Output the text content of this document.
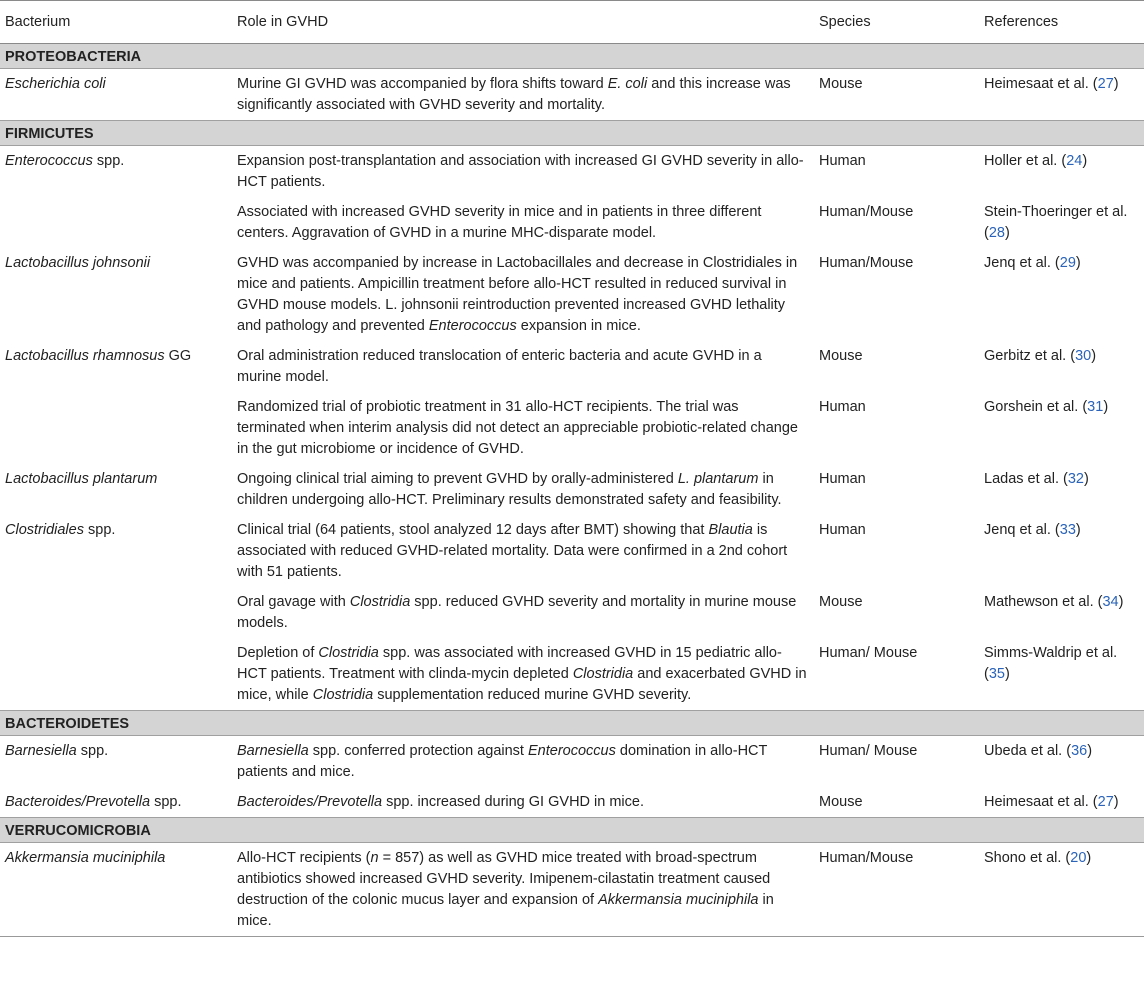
Bacterium	Role in GVHD	Species	References
PROTEOBACTERIA			
Escherichia coli	Murine GI GVHD was accompanied by flora shifts toward E. coli and this increase was significantly associated with GVHD severity and mortality.	Mouse	Heimesaat et al. (27)
FIRMICUTES			
Enterococcus spp.	Expansion post-transplantation and association with increased GI GVHD severity in allo-HCT patients.	Human	Holler et al. (24)
	Associated with increased GVHD severity in mice and in patients in three different centers. Aggravation of GVHD in a murine MHC-disparate model.	Human/Mouse	Stein-Thoeringer et al. (28)
Lactobacillus johnsonii	GVHD was accompanied by increase in Lactobacillales and decrease in Clostridiales in mice and patients. Ampicillin treatment before allo-HCT resulted in reduced survival in GVHD mouse models. L. johnsonii reintroduction prevented increased GVHD lethality and pathology and prevented Enterococcus expansion in mice.	Human/Mouse	Jenq et al. (29)
Lactobacillus rhamnosus GG	Oral administration reduced translocation of enteric bacteria and acute GVHD in a murine model.	Mouse	Gerbitz et al. (30)
	Randomized trial of probiotic treatment in 31 allo-HCT recipients. The trial was terminated when interim analysis did not detect an appreciable probiotic-related change in the gut microbiome or incidence of GVHD.	Human	Gorshein et al. (31)
Lactobacillus plantarum	Ongoing clinical trial aiming to prevent GVHD by orally-administered L. plantarum in children undergoing allo-HCT. Preliminary results demonstrated safety and feasibility.	Human	Ladas et al. (32)
Clostridiales spp.	Clinical trial (64 patients, stool analyzed 12 days after BMT) showing that Blautia is associated with reduced GVHD-related mortality. Data were confirmed in a 2nd cohort with 51 patients.	Human	Jenq et al. (33)
	Oral gavage with Clostridia spp. reduced GVHD severity and mortality in murine mouse models.	Mouse	Mathewson et al. (34)
	Depletion of Clostridia spp. was associated with increased GVHD in 15 pediatric allo-HCT patients. Treatment with clinda-mycin depleted Clostridia and exacerbated GVHD in mice, while Clostridia supplementation reduced murine GVHD severity.	Human/ Mouse	Simms-Waldrip et al. (35)
BACTEROIDETES			
Barnesiella spp.	Barnesiella spp. conferred protection against Enterococcus domination in allo-HCT patients and mice.	Human/ Mouse	Ubeda et al. (36)
Bacteroides/Prevotella spp.	Bacteroides/Prevotella spp. increased during GI GVHD in mice.	Mouse	Heimesaat et al. (27)
VERRUCOMICROBIA			
Akkermansia muciniphila	Allo-HCT recipients (n = 857) as well as GVHD mice treated with broad-spectrum antibiotics showed increased GVHD severity. Imipenem-cilastatin treatment caused destruction of the colonic mucus layer and expansion of Akkermansia muciniphila in mice.	Human/Mouse	Shono et al. (20)
